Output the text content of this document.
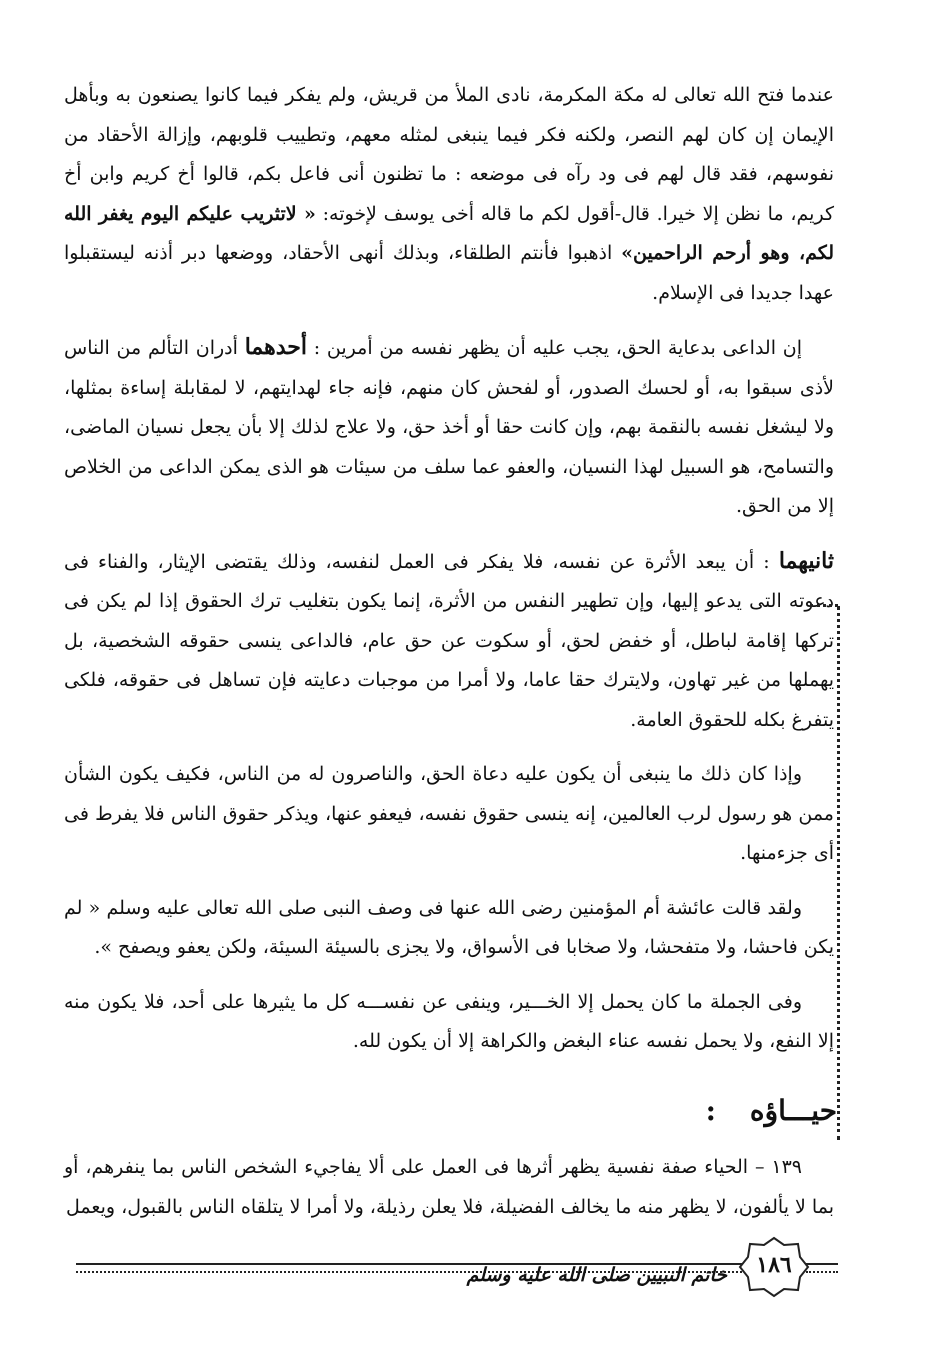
عندما فتح الله تعالى له مكة المكرمة، نادى الملأ من قريش، ولم يفكر فيما كانوا يصنعون به وبأهل الإيمان إن كان لهم النصر، ولكنه فكر فيما ينبغى لمثله معهم، وتطييب قلوبهم، وإزالة الأحقاد من نفوسهم، فقد قال لهم فى ود رآه فى موضعه : ما تظنون أنى فاعل بكم، قالوا أخ كريم وابن أخ كريم، ما نظن إلا خيرا. قال-أقول لكم ما قاله أخى يوسف لإخوته: « لاتثريب عليكم اليوم يغفر الله لكم، وهو أرحم الراحمين» اذهبوا فأنتم الطلقاء، وبذلك أنهى الأحقاد، ووضعها دبر أذنه ليستقبلوا عهدا جديدا فى الإسلام.

إن الداعى بدعاية الحق، يجب عليه أن يظهر نفسه من أمرين : أحدهما أدران التألم من الناس لأذى سبقوا به، أو لحسك الصدور، أو لفحش كان منهم، فإنه جاء لهدايتهم، لا لمقابلة إساءة بمثلها، ولا ليشغل نفسه بالنقمة بهم، وإن كانت حقا أو أخذ حق، ولا علاج لذلك إلا بأن يجعل نسيان الماضى، والتسامح، هو السبيل لهذا النسيان، والعفو عما سلف من سيئات هو الذى يمكن الداعى من الخلاص إلا من الحق.

ثانيهما : أن يبعد الأثرة عن نفسه، فلا يفكر فى العمل لنفسه، وذلك يقتضى الإيثار، والفناء فى دعوته التى يدعو إليها، وإن تطهير النفس من الأثرة، إنما يكون بتغليب ترك الحقوق إذا لم يكن فى تركها إقامة لباطل، أو خفض لحق، أو سكوت عن حق عام، فالداعى ينسى حقوقه الشخصية، بل يهملها من غير تهاون، ولايترك حقا عاما، ولا أمرا من موجبات دعايته فإن تساهل فى حقوقه، فلكى يتفرغ بكله للحقوق العامة.

وإذا كان ذلك ما ينبغى أن يكون عليه دعاة الحق، والناصرون له من الناس، فكيف يكون الشأن ممن هو رسول لرب العالمين، إنه ينسى حقوق نفسه، فيعفو عنها، ويذكر حقوق الناس فلا يفرط فى أى جزءمنها.

ولقد قالت عائشة أم المؤمنين رضى الله عنها فى وصف النبى صلى الله تعالى عليه وسلم « لم يكن فاحشا، ولا متفحشا، ولا صخابا فى الأسواق، ولا يجزى بالسيئة السيئة، ولكن يعفو ويصفح ».

وفى الجملة ما كان يحمل إلا الخـــير، وينفى عن نفســـه كل ما يثيرها على أحد، فلا يكون منه إلا النفع، ولا يحمل نفسه عناء البغض والكراهة إلا أن يكون لله.

حيـــاؤه:

١٣٩ – الحياء صفة نفسية يظهر أثرها فى العمل على ألا يفاجيء الشخص الناس بما ينفرهم، أو بما لا يألفون، لا يظهر منه ما يخالف الفضيلة، فلا يعلن رذيلة، ولا أمرا لا يتلقاه الناس بالقبول، ويعمل

خاتم النبيين صلى الله عليه وسلم	١٨٦
